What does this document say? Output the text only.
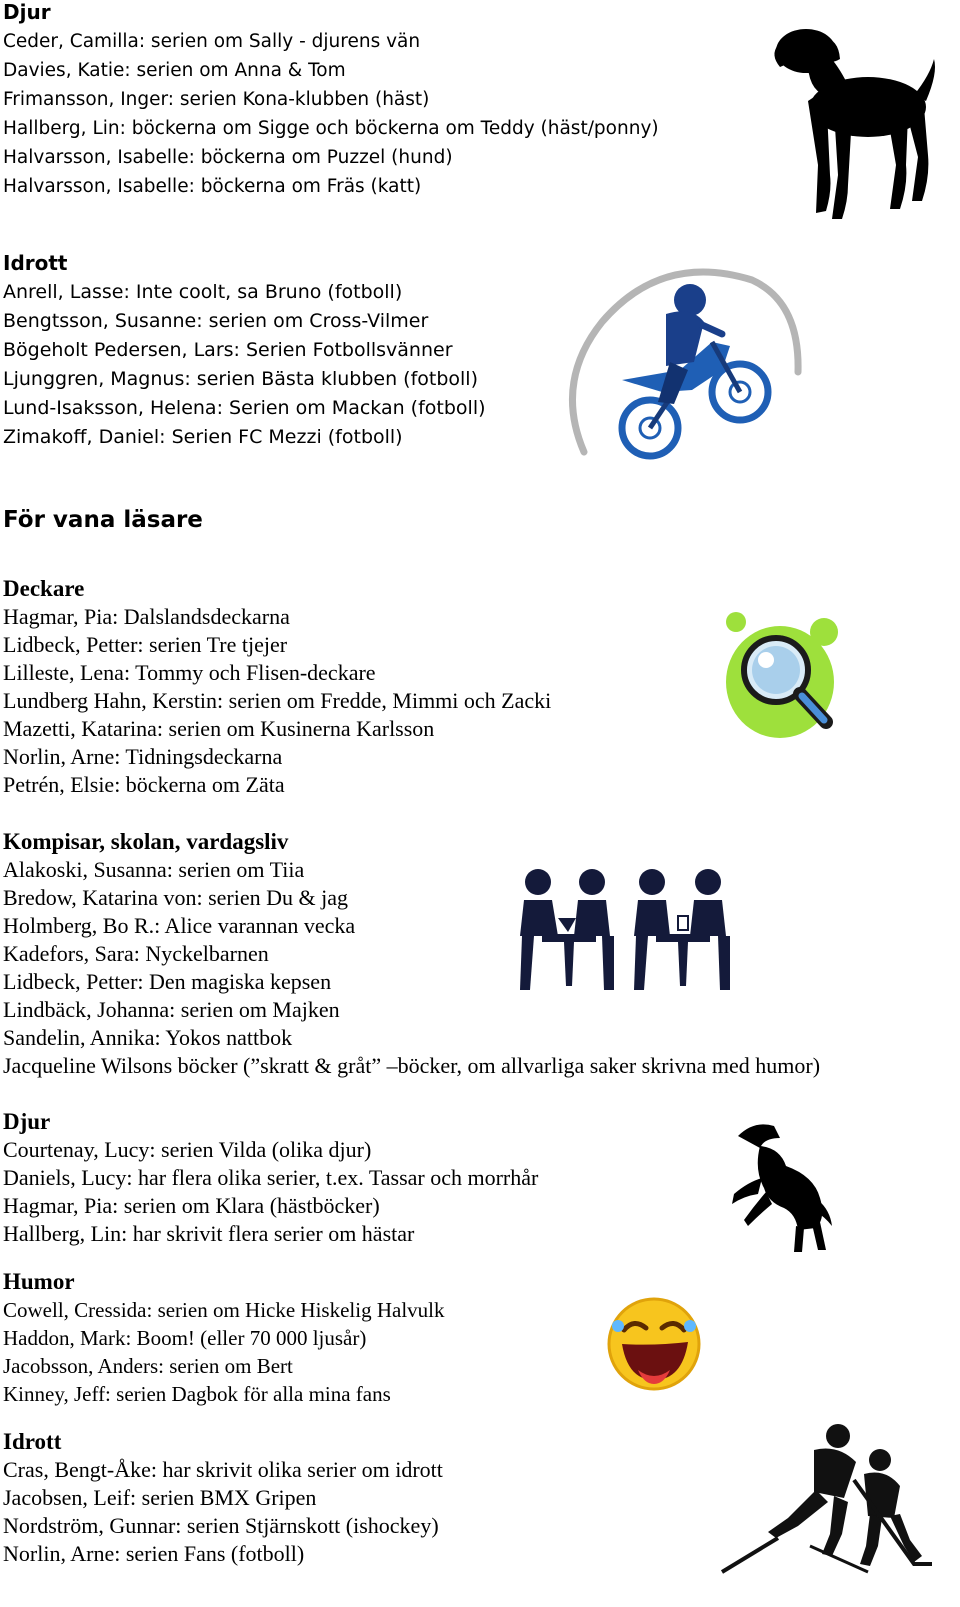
Djur
Ceder, Camilla: serien om Sally - djurens vän
Davies, Katie: serien om Anna & Tom
Frimansson, Inger: serien Kona-klubben (häst)
Hallberg, Lin: böckerna om Sigge och böckerna om Teddy (häst/ponny)
Halvarsson, Isabelle: böckerna om Puzzel (hund)
Halvarsson, Isabelle: böckerna om Fräs (katt)
Idrott
Anrell, Lasse: Inte coolt, sa Bruno (fotboll)
Bengtsson, Susanne: serien om Cross-Vilmer
Bögeholt Pedersen, Lars: Serien Fotbollsvänner
Ljunggren, Magnus: serien Bästa klubben (fotboll)
Lund-Isaksson, Helena: Serien om Mackan (fotboll)
Zimakoff, Daniel: Serien FC Mezzi (fotboll)
För vana läsare
Deckare
Hagmar, Pia: Dalslandsdeckarna
Lidbeck, Petter: serien Tre tjejer
Lilleste, Lena: Tommy och Flisen-deckare
Lundberg Hahn, Kerstin: serien om Fredde, Mimmi och Zacki
Mazetti, Katarina: serien om Kusinerna Karlsson
Norlin, Arne: Tidningsdeckarna
Petrén, Elsie: böckerna om Zäta
Kompisar, skolan, vardagsliv
Alakoski, Susanna: serien om Tiia
Bredow, Katarina von: serien Du & jag
Holmberg, Bo R.: Alice varannan vecka
Kadefors, Sara: Nyckelbarnen
Lidbeck, Petter: Den magiska kepsen
Lindbäck, Johanna: serien om Majken
Sandelin, Annika: Yokos nattbok
Jacqueline Wilsons böcker (”skratt & gråt” –böcker, om allvarliga saker skrivna med humor)
Djur
Courtenay, Lucy: serien Vilda (olika djur)
Daniels, Lucy: har flera olika serier, t.ex. Tassar och morrhår
Hagmar, Pia: serien om Klara (hästböcker)
Hallberg, Lin: har skrivit flera serier om hästar
Humor
Cowell, Cressida: serien om Hicke Hiskelig Halvulk
Haddon, Mark: Boom! (eller 70 000 ljusår)
Jacobsson, Anders: serien om Bert
Kinney, Jeff: serien Dagbok för alla mina fans
Idrott
Cras, Bengt-Åke: har skrivit olika serier om idrott
Jacobsen, Leif: serien BMX Gripen
Nordström, Gunnar: serien Stjärnskott (ishockey)
Norlin, Arne: serien Fans (fotboll)
